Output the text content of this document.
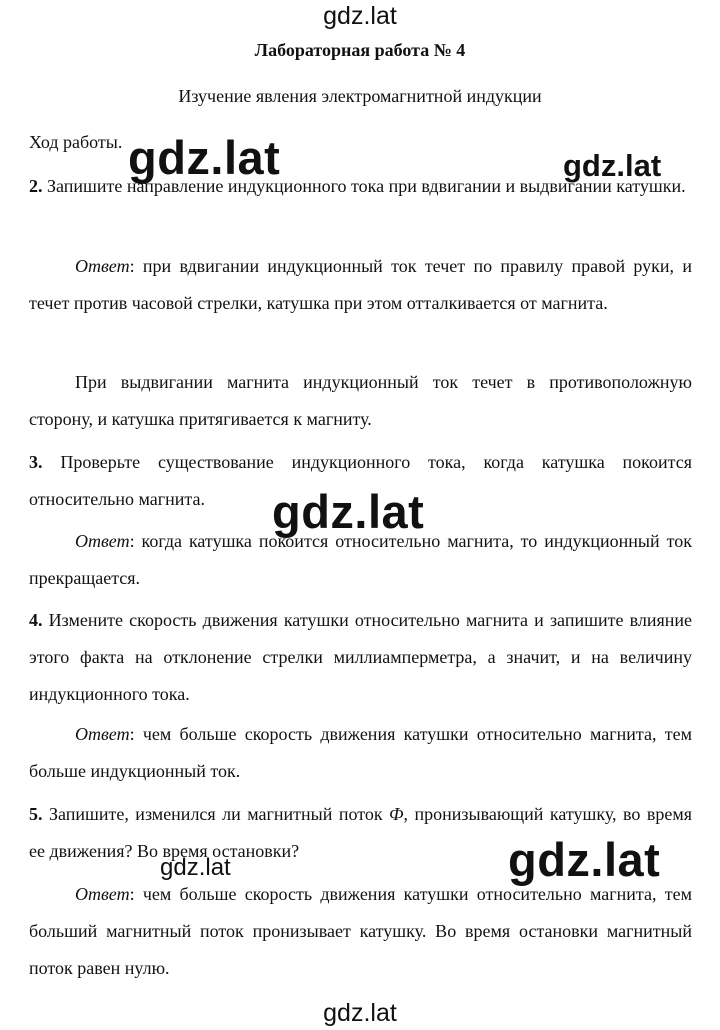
gdz.lat
Лабораторная работа № 4
Изучение явления электромагнитной индукции
Ход работы.
2. Запишите направление индукционного тока при вдвигании и выдвигании катушки.
Ответ: при вдвигании индукционный ток течет по правилу правой руки, и течет против часовой стрелки, катушка при этом отталкивается от магнита.
При выдвигании магнита индукционный ток течет в противоположную сторону, и катушка притягивается к магниту.
3. Проверьте существование индукционного тока, когда катушка покоится относительно магнита.
Ответ: когда катушка покоится относительно магнита, то индукционный ток прекращается.
4. Измените скорость движения катушки относительно магнита и запишите влияние этого факта на отклонение стрелки миллиамперметра, а значит, и на величину индукционного тока.
Ответ: чем больше скорость движения катушки относительно магнита, тем больше индукционный ток.
5. Запишите, изменился ли магнитный поток Ф, пронизывающий катушку, во время ее движения? Во время остановки?
Ответ: чем больше скорость движения катушки относительно магнита, тем больший магнитный поток пронизывает катушку. Во время остановки магнитный поток равен нулю.
gdz.lat	gdz.lat
gdz.lat
gdz.lat	gdz.lat
gdz.lat
